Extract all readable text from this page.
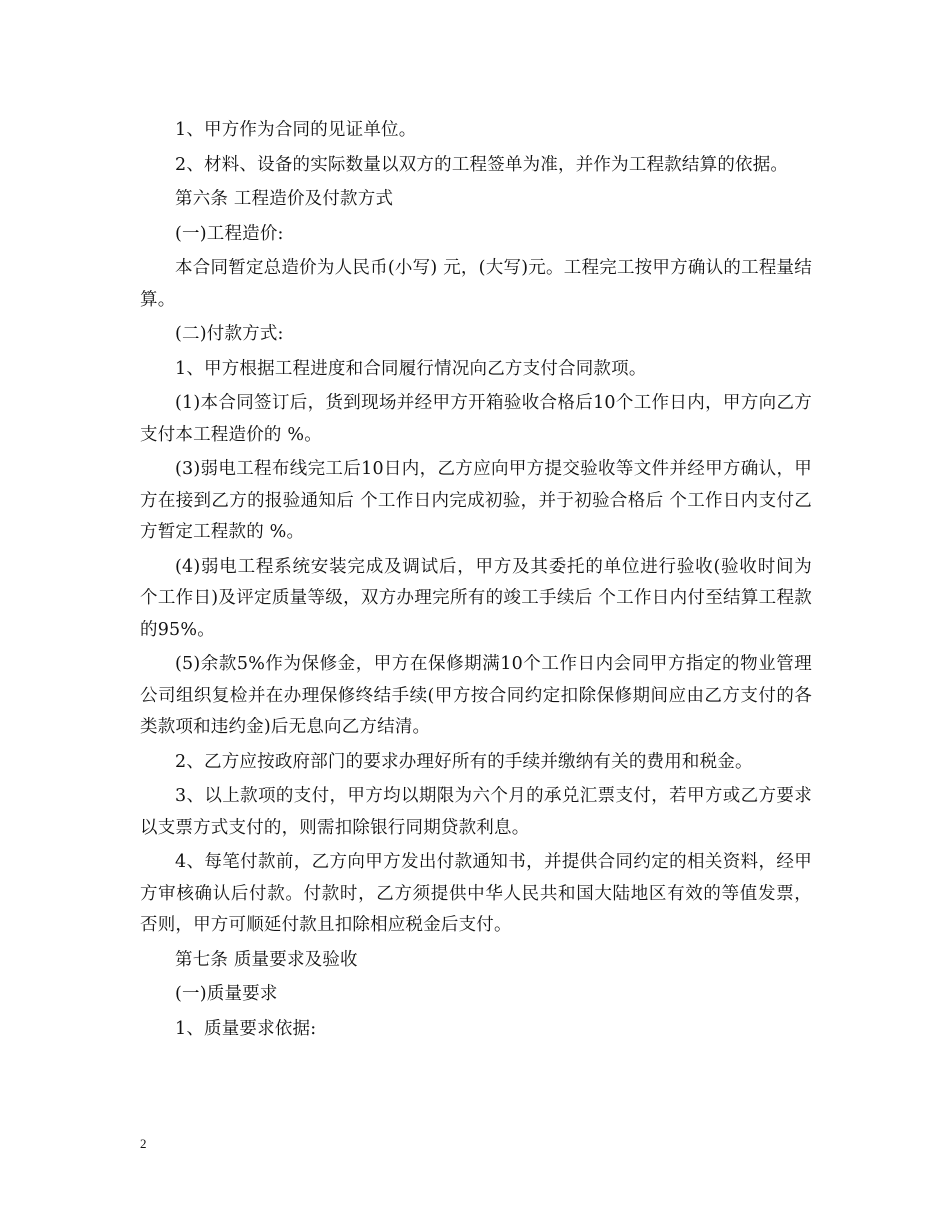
1、甲方作为合同的见证单位。

2、材料、设备的实际数量以双方的工程签单为准，并作为工程款结算的依据。

第六条 工程造价及付款方式

(一)工程造价:

本合同暂定总造价为人民币(小写) 元，(大写)元。工程完工按甲方确认的工程量结算。

(二)付款方式:

1、甲方根据工程进度和合同履行情况向乙方支付合同款项。

(1)本合同签订后，货到现场并经甲方开箱验收合格后10个工作日内，甲方向乙方支付本工程造价的 %。

(3)弱电工程布线完工后10日内，乙方应向甲方提交验收等文件并经甲方确认，甲方在接到乙方的报验通知后 个工作日内完成初验，并于初验合格后 个工作日内支付乙方暂定工程款的 %。

(4)弱电工程系统安装完成及调试后，甲方及其委托的单位进行验收(验收时间为 个工作日)及评定质量等级，双方办理完所有的竣工手续后 个工作日内付至结算工程款的95%。

(5)余款5%作为保修金，甲方在保修期满10个工作日内会同甲方指定的物业管理公司组织复检并在办理保修终结手续(甲方按合同约定扣除保修期间应由乙方支付的各类款项和违约金)后无息向乙方结清。

2、乙方应按政府部门的要求办理好所有的手续并缴纳有关的费用和税金。

3、以上款项的支付，甲方均以期限为六个月的承兑汇票支付，若甲方或乙方要求以支票方式支付的，则需扣除银行同期贷款利息。

4、每笔付款前，乙方向甲方发出付款通知书，并提供合同约定的相关资料，经甲方审核确认后付款。付款时，乙方须提供中华人民共和国大陆地区有效的等值发票，否则，甲方可顺延付款且扣除相应税金后支付。

第七条 质量要求及验收

(一)质量要求

1、质量要求依据:

2
